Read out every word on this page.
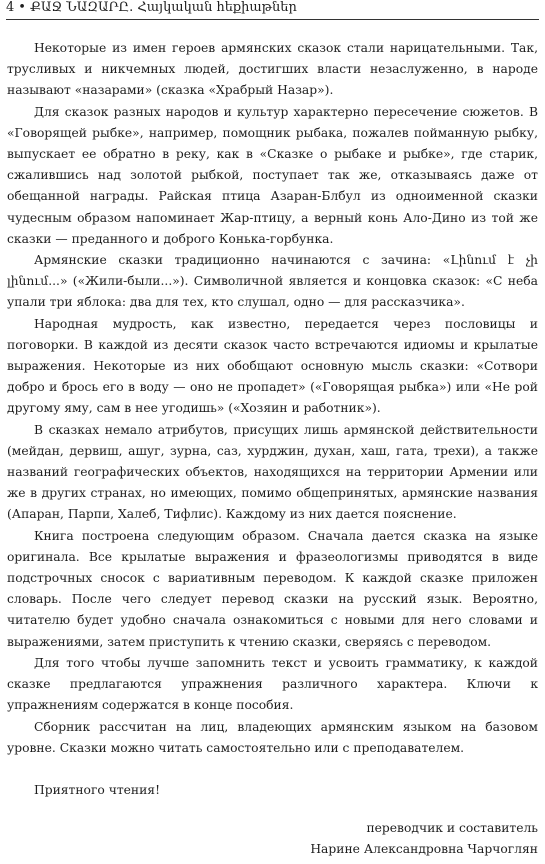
4 • ՔԱՋ ՆԱԶԱՐԸ. Հայկական հեքիաթներ

Некоторые из имен героев армянских сказок стали нарицательными. Так, трусливых и никчемных людей, достигших власти незаслуженно, в народе называют «назарами» (сказка «Храбрый Назар»).

Для сказок разных народов и культур характерно пересечение сюжетов. В «Говорящей рыбке», например, помощник рыбака, пожалев пойманную рыбку, выпускает ее обратно в реку, как в «Сказке о рыбаке и рыбке», где старик, сжалившись над золотой рыбкой, поступает так же, отказываясь даже от обещанной награды. Райская птица Азаран-Блбул из одноименной сказки чудесным образом напоминает Жар-птицу, а верный конь Ало-Дино из той же сказки — преданного и доброго Конька-горбунка.

Армянские сказки традиционно начинаются с зачина: «Լինում է չի լինում...» («Жили-были...»). Символичной является и концовка сказок: «С неба упали три яблока: два для тех, кто слушал, одно — для рассказчика».

Народная мудрость, как известно, передается через пословицы и поговорки. В каждой из десяти сказок часто встречаются идиомы и крылатые выражения. Некоторые из них обобщают основную мысль сказки: «Сотвори добро и брось его в воду — оно не пропадет» («Говорящая рыбка») или «Не рой другому яму, сам в нее угодишь» («Хозяин и работник»).

В сказках немало атрибутов, присущих лишь армянской действительности (мейдан, дервиш, ашуг, зурна, саз, хурджин, духан, хаш, гата, трехи), а также названий географических объектов, находящихся на территории Армении или же в других странах, но имеющих, помимо общепринятых, армянские названия (Апаран, Парпи, Халеб, Тифлис). Каждому из них дается пояснение.

Книга построена следующим образом. Сначала дается сказка на языке оригинала. Все крылатые выражения и фразеологизмы приводятся в виде подстрочных сносок с вариативным переводом. К каждой сказке приложен словарь. После чего следует перевод сказки на русский язык. Вероятно, читателю будет удобно сначала ознакомиться с новыми для него словами и выражениями, затем приступить к чтению сказки, сверяясь с переводом.

Для того чтобы лучше запомнить текст и усвоить грамматику, к каждой сказке предлагаются упражнения различного характера. Ключи к упражнениям содержатся в конце пособия.

Сборник рассчитан на лиц, владеющих армянским языком на базовом уровне. Сказки можно читать самостоятельно или с преподавателем.

Приятного чтения!

переводчик и составитель
Нарине Александровна Чарчоглян
